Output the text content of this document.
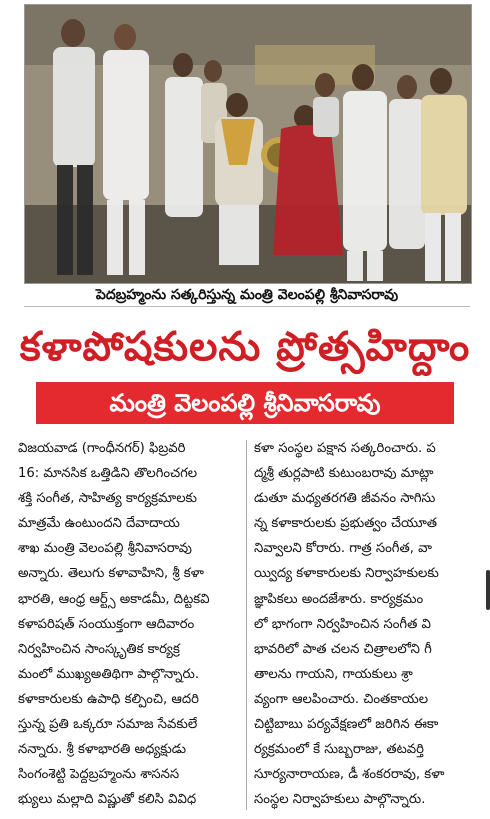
పెదబ్రహ్మంను సత్కరిస్తున్న మంత్రి వెలంపల్లి శ్రీనివాసరావు
కళాపోషకులను ప్రోత్సహిద్దాం
మంత్రి వెలంపల్లి శ్రీనివాసరావు
విజయవాడ (గాంధీనగర్) ఫిబ్రవరి
16: మానసిక ఒత్తిడిని తొలగించగల
శక్తి సంగీత, సాహిత్య కార్యక్రమాలకు
మాత్రమే ఉంటుందని దేవాదాయ
శాఖ మంత్రి వెలంపల్లి శ్రీనివాసరావు
అన్నారు. తెలుగు కళావాహిని, శ్రీ కళా
భారతి, ఆంధ్ర ఆర్ట్స్ అకాడమీ, దిట్టకవి
కళాపరిషత్ సంయుక్తంగా ఆదివారం
నిర్వహించిన సాంస్కృతిక కార్యక్ర
మంలో ముఖ్యఅతిథిగా పాల్గొన్నారు.
కళాకారులకు ఉపాధి కల్పించి, ఆదరి
స్తున్న ప్రతి ఒక్కరూ సమాజ సేవకులే
నన్నారు. శ్రీ కళాభారతి అధ్యక్షుడు
సింగంశెట్టి పెద్దబ్రహ్మంను శాసనస
భ్యులు మల్లాది విష్ణుతో కలిసి వివిధ
కళా సంస్థల పక్షాన సత్కరించారు. ప
ద్మశ్రీ తుర్లపాటి కుటుంబరావు మాట్లా
డుతూ మధ్యతరగతి జీవనం సాగిసు
న్న కళాకారులకు ప్రభుత్వం చేయూత
నివ్వాలని కోరారు. గాత్ర సంగీత, వా
య్విద్య కళాకారులకు నిర్వాహకులకు
జ్ఞాపికలు అందజేశారు. కార్యక్రమం
లో భాగంగా నిర్వహించిన సంగీత వి
భావరిలో పాత చలన చిత్రాలలోని గీ
తాలను గాయని, గాయకులు శ్రా
వ్యంగా ఆలపించారు. చింతకాయల
చిట్టిబాబు పర్యవేక్షణలో జరిగిన ఈకా
ర్యక్రమంలో కే సుబ్బరాజు, తటవర్తి
సూర్యనారాయణ, డీ శంకరరావు, కళా
సంస్థల నిర్వాహకులు పాల్గొన్నారు.
